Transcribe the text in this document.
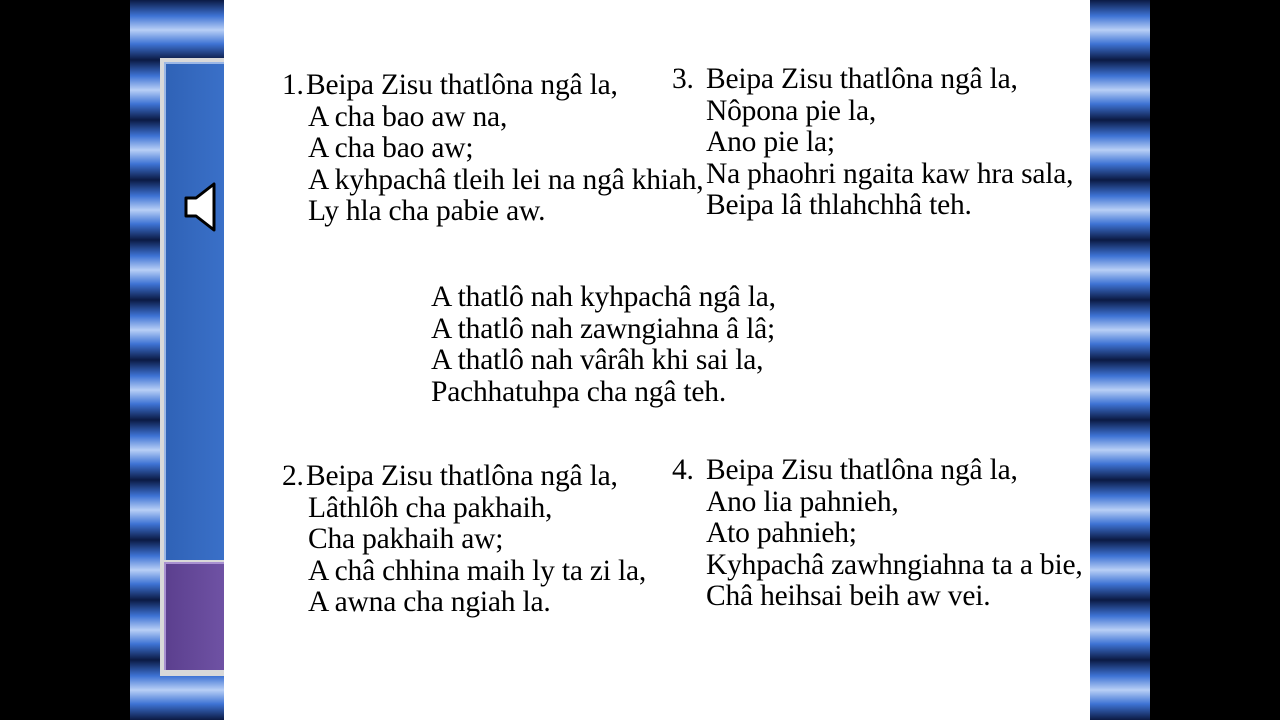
1. Beipa Zisu thatlôna ngâ la,
A cha bao aw na,
A cha bao aw;
A kyhpachâ tleih lei na ngâ khiah,
Ly hla cha pabie aw.
3. Beipa Zisu thatlôna ngâ la,
Nôpona pie la,
Ano pie la;
Na phaohri ngaita kaw hra sala,
Beipa lâ thlahchhâ teh.
A thatlô nah kyhpachâ ngâ la,
A thatlô nah zawngiahna â lâ;
A thatlô nah vârâh khi sai la,
Pachhatuhpa cha ngâ teh.
2. Beipa Zisu thatlôna ngâ la,
Lâthlôh cha pakhaih,
Cha pakhaih aw;
A châ chhina maih ly ta zi la,
A awna cha ngiah la.
4. Beipa Zisu thatlôna ngâ la,
Ano lia pahnieh,
Ato pahnieh;
Kyhpachâ zawhngiahna ta a bie,
Châ heihsai beih aw vei.
